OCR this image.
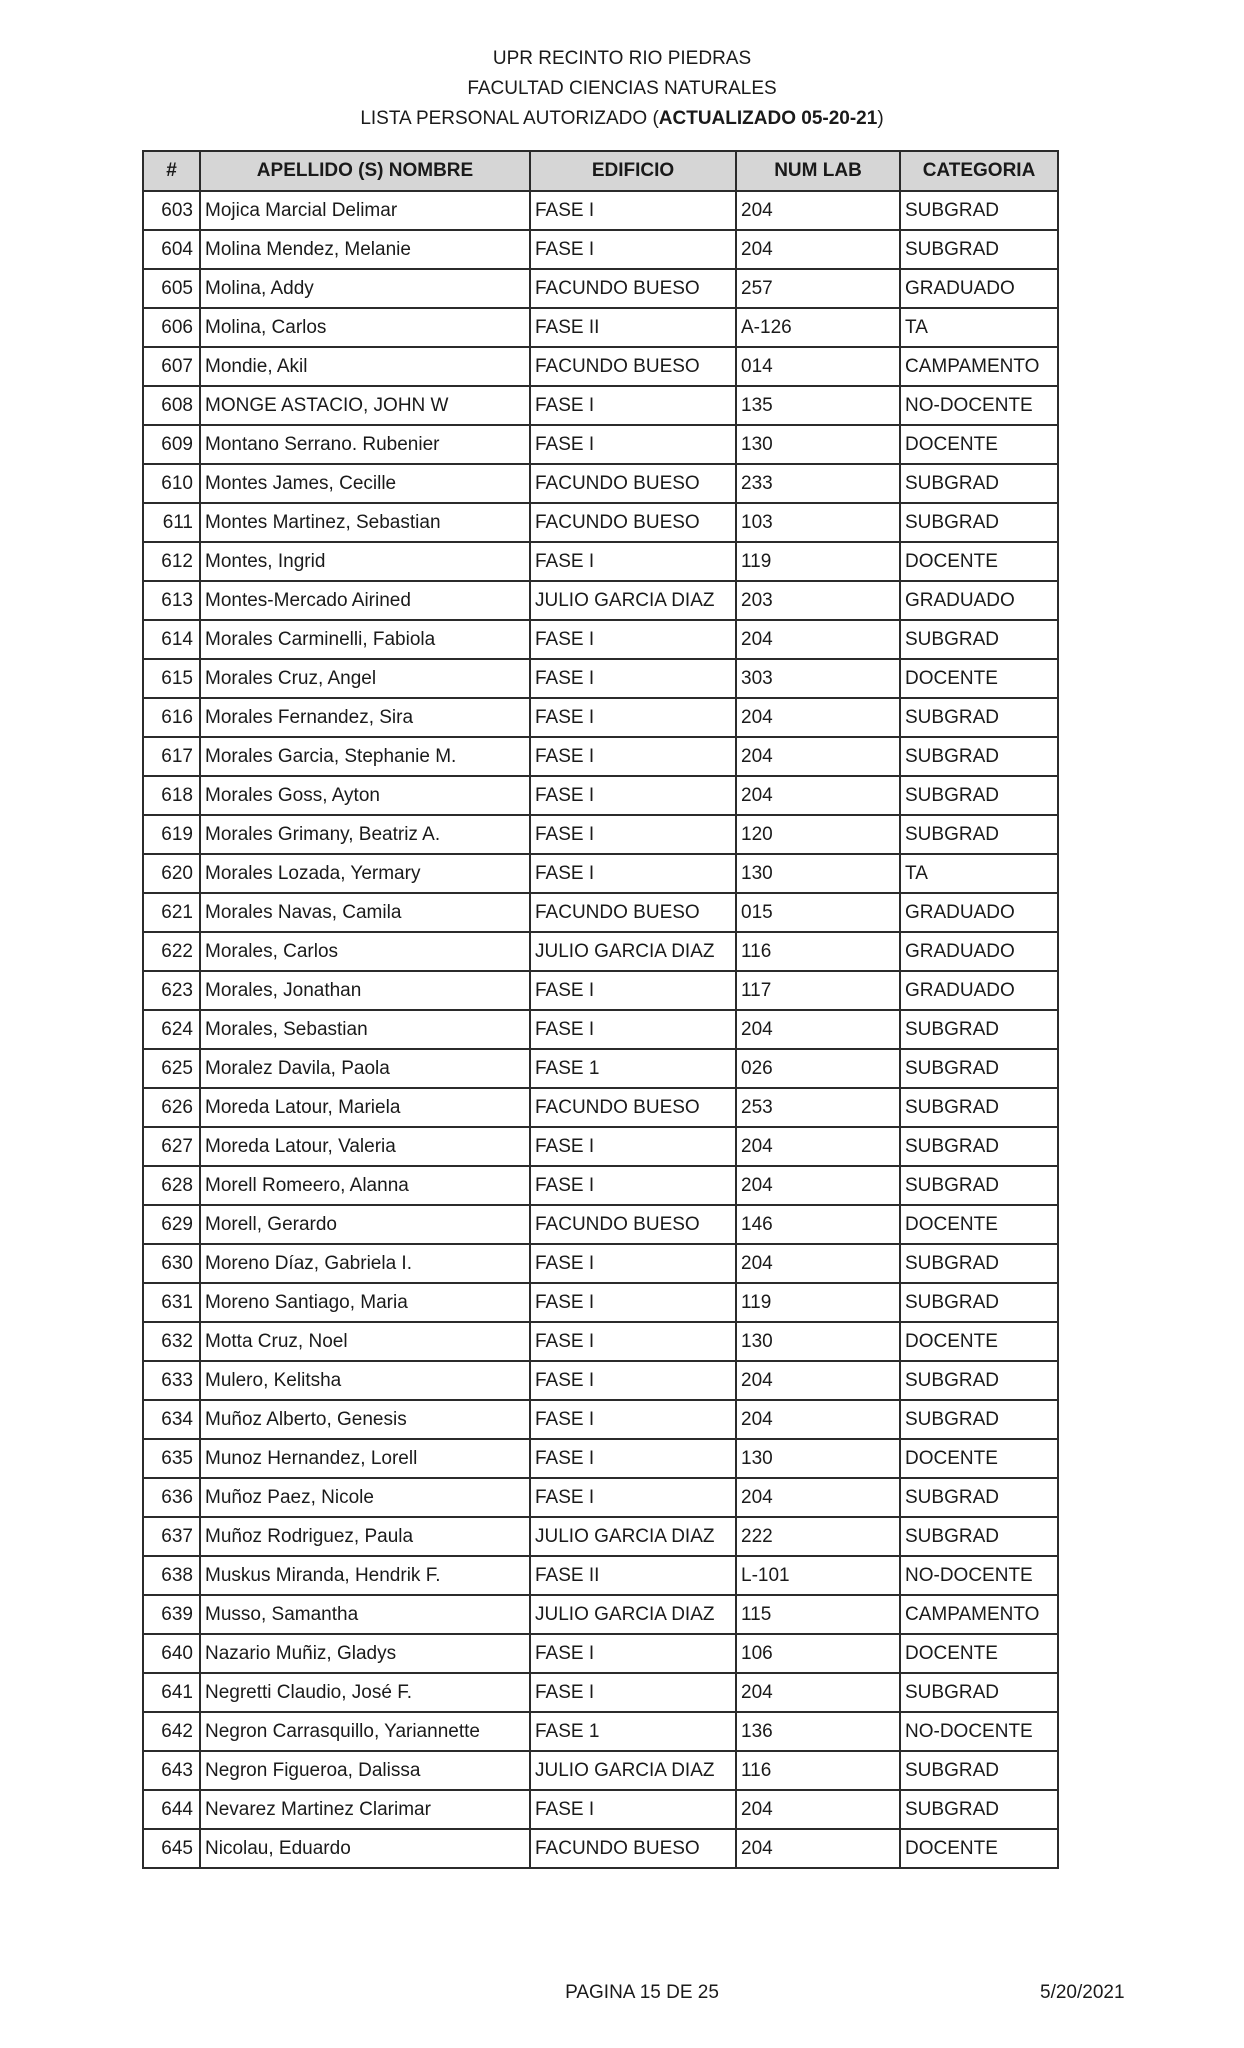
UPR RECINTO RIO PIEDRAS
FACULTAD CIENCIAS NATURALES
LISTA PERSONAL AUTORIZADO (ACTUALIZADO 05-20-21)
#	APELLIDO (S) NOMBRE	EDIFICIO	NUM LAB	CATEGORIA
603	Mojica Marcial Delimar	FASE I	204	SUBGRAD
604	Molina Mendez, Melanie	FASE I	204	SUBGRAD
605	Molina, Addy	FACUNDO BUESO	257	GRADUADO
606	Molina, Carlos	FASE II	A-126	TA
607	Mondie, Akil	FACUNDO BUESO	014	CAMPAMENTO
608	MONGE ASTACIO, JOHN W	FASE I	135	NO-DOCENTE
609	Montano Serrano. Rubenier	FASE I	130	DOCENTE
610	Montes James, Cecille	FACUNDO BUESO	233	SUBGRAD
611	Montes Martinez, Sebastian	FACUNDO BUESO	103	SUBGRAD
612	Montes, Ingrid	FASE I	119	DOCENTE
613	Montes-Mercado Airined	JULIO GARCIA DIAZ	203	GRADUADO
614	Morales Carminelli, Fabiola	FASE I	204	SUBGRAD
615	Morales Cruz, Angel	FASE I	303	DOCENTE
616	Morales Fernandez, Sira	FASE I	204	SUBGRAD
617	Morales Garcia, Stephanie M.	FASE I	204	SUBGRAD
618	Morales Goss, Ayton	FASE I	204	SUBGRAD
619	Morales Grimany, Beatriz A.	FASE I	120	SUBGRAD
620	Morales Lozada, Yermary	FASE I	130	TA
621	Morales Navas, Camila	FACUNDO BUESO	015	GRADUADO
622	Morales, Carlos	JULIO GARCIA DIAZ	116	GRADUADO
623	Morales, Jonathan	FASE I	117	GRADUADO
624	Morales, Sebastian	FASE I	204	SUBGRAD
625	Moralez Davila, Paola	FASE 1	026	SUBGRAD
626	Moreda Latour, Mariela	FACUNDO BUESO	253	SUBGRAD
627	Moreda Latour, Valeria	FASE I	204	SUBGRAD
628	Morell Romeero, Alanna	FASE I	204	SUBGRAD
629	Morell, Gerardo	FACUNDO BUESO	146	DOCENTE
630	Moreno Díaz, Gabriela I.	FASE I	204	SUBGRAD
631	Moreno Santiago, Maria	FASE I	119	SUBGRAD
632	Motta Cruz, Noel	FASE I	130	DOCENTE
633	Mulero, Kelitsha	FASE I	204	SUBGRAD
634	Muñoz Alberto, Genesis	FASE I	204	SUBGRAD
635	Munoz Hernandez, Lorell	FASE I	130	DOCENTE
636	Muñoz Paez, Nicole	FASE I	204	SUBGRAD
637	Muñoz Rodriguez, Paula	JULIO GARCIA DIAZ	222	SUBGRAD
638	Muskus Miranda, Hendrik F.	FASE II	L-101	NO-DOCENTE
639	Musso, Samantha	JULIO GARCIA DIAZ	115	CAMPAMENTO
640	Nazario Muñiz, Gladys	FASE I	106	DOCENTE
641	Negretti Claudio, José F.	FASE I	204	SUBGRAD
642	Negron Carrasquillo, Yariannette	FASE 1	136	NO-DOCENTE
643	Negron Figueroa, Dalissa	JULIO GARCIA DIAZ	116	SUBGRAD
644	Nevarez Martinez Clarimar	FASE I	204	SUBGRAD
645	Nicolau, Eduardo	FACUNDO BUESO	204	DOCENTE
PAGINA 15 DE 25	5/20/2021
